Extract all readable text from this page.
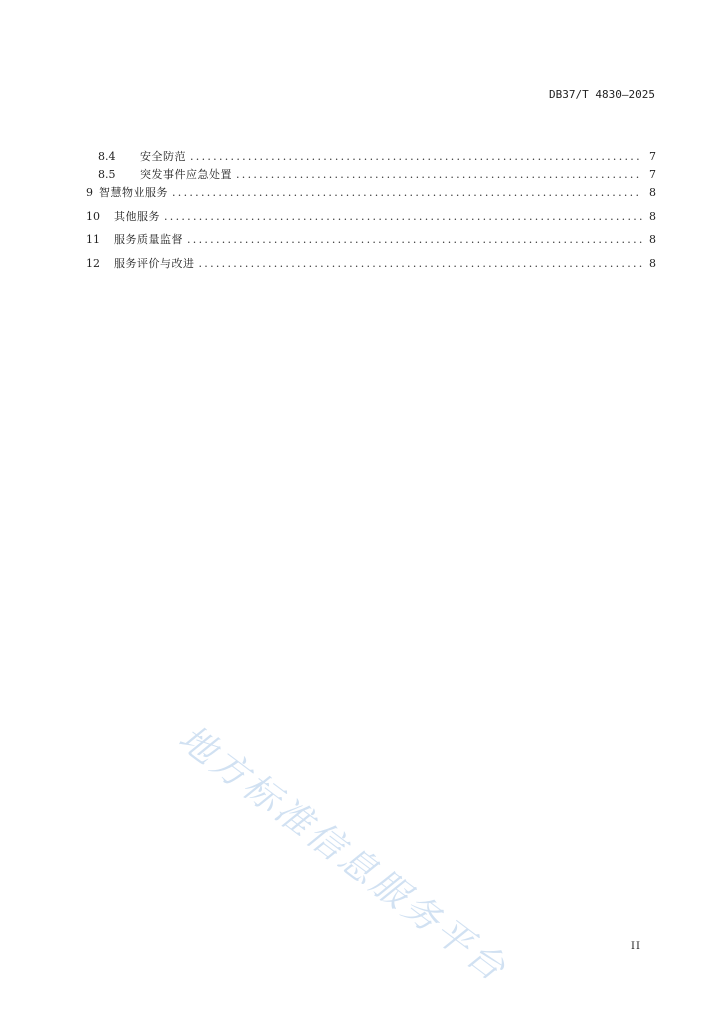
DB37/T 4830—2025
8.4	安全防范 . . .	7
8.5	突发事件应急处置 . . .	7
9 智慧物业服务 . . .	8
10 其他服务 . . .	8
11 服务质量监督 . . .	8
12 服务评价与改进 . . .	8
地方标准信息服务平台	II
